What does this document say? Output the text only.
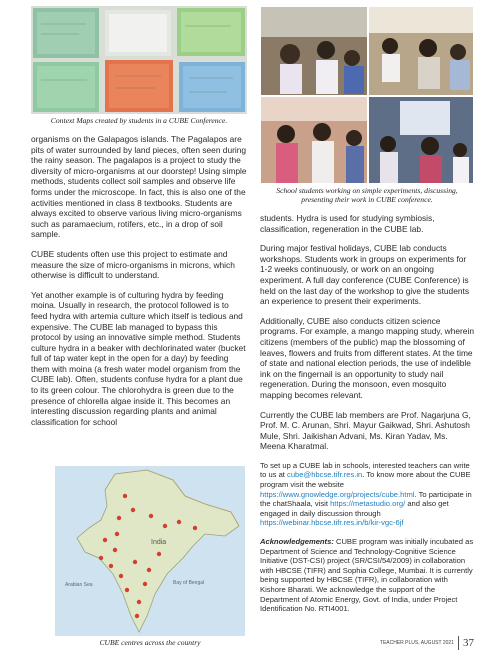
Context Maps created by students in a CUBE Conference.

organisms on the Galapagos islands. The Pagalapos are pits of water surrounded by land pieces, often seen during the rainy season. The pagalapos is a project to study the diversity of micro-organisms at our doorstep! Using simple methods, students collect soil samples and observe life forms under the microscope. In fact, this is also one of the activities mentioned in class 8 textbooks. Students are always excited to observe various living micro-organisms such as paramaecium, rotifers, etc., in a drop of soil sample.

CUBE students often use this project to estimate and measure the size of micro-organisms in microns, which otherwise is difficult to understand.

Yet another example is of culturing hydra by feeding moina. Usually in research, the protocol followed is to feed hydra with artemia culture which itself is tedious and expensive. The CUBE lab managed to bypass this protocol by using an innovative simple method. Students culture hydra in a beaker with dechlorinated water (bucket full of tap water kept in the open for a day) by feeding them with moina (a fresh water model organism from the CUBE lab). Often, students confuse hydra for a plant due to its green colour. The chlorohydra is green due to the presence of chlorella algae inside it. This becomes an interesting discussion regarding plants and animal classification for school

India
Bay of Bengal
Arabian Sea
CUBE centres across the country
School students working on simple experiments, discussing, presenting their work in CUBE conference.

students. Hydra is used for studying symbiosis, classification, regeneration in the CUBE lab.

During major festival holidays, CUBE lab conducts workshops. Students work in groups on experiments for 1-2 weeks continuously, or work on an ongoing experiment. A full day conference (CUBE Conference) is held on the last day of the workshop to give the students an experience to present their experiments.

Additionally, CUBE also conducts citizen science programs. For example, a mango mapping study, wherein citizens (members of the public) map the blossoming of leaves, flowers and fruits from different states. At the time of state and national election periods, the use of indelible ink on the fingernail is an opportunity to study nail regeneration. During the monsoon, even mosquito mapping becomes relevant.

Currently the CUBE lab members are Prof. Nagarjuna G, Prof. M. C. Arunan, Shri. Mayur Gaikwad, Shri. Ashutosh Mule, Shri. Jaikishan Advani, Ms. Kiran Yadav, Ms. Meena Kharatmal.

To set up a CUBE lab in schools, interested teachers can write to us at cube@hbcse.tifr.res.in. To know more about the CUBE program visit the website https://www.gnowledge.org/projects/cube.html. To participate in the chatShaala, visit https://metastudio.org/ and also get engaged in daily discussion through https://webinar.hbcse.tifr.res.in/b/kir-vgc-6jf

Acknowledgements: CUBE program was initially incubated as Department of Science and Technology-Cognitive Science Initiative (DST-CSI) project (SR/CSI/54/2009) in collaboration with HBCSE (TIFR) and Sophia College, Mumbai. It is currently being supported by HBCSE (TIFR), in collaboration with Kishore Bharati. We acknowledge the support of the Department of Atomic Energy, Govt. of India, under Project Identification No. RTI4001.

TEACHER PLUS, AUGUST 2021 37
